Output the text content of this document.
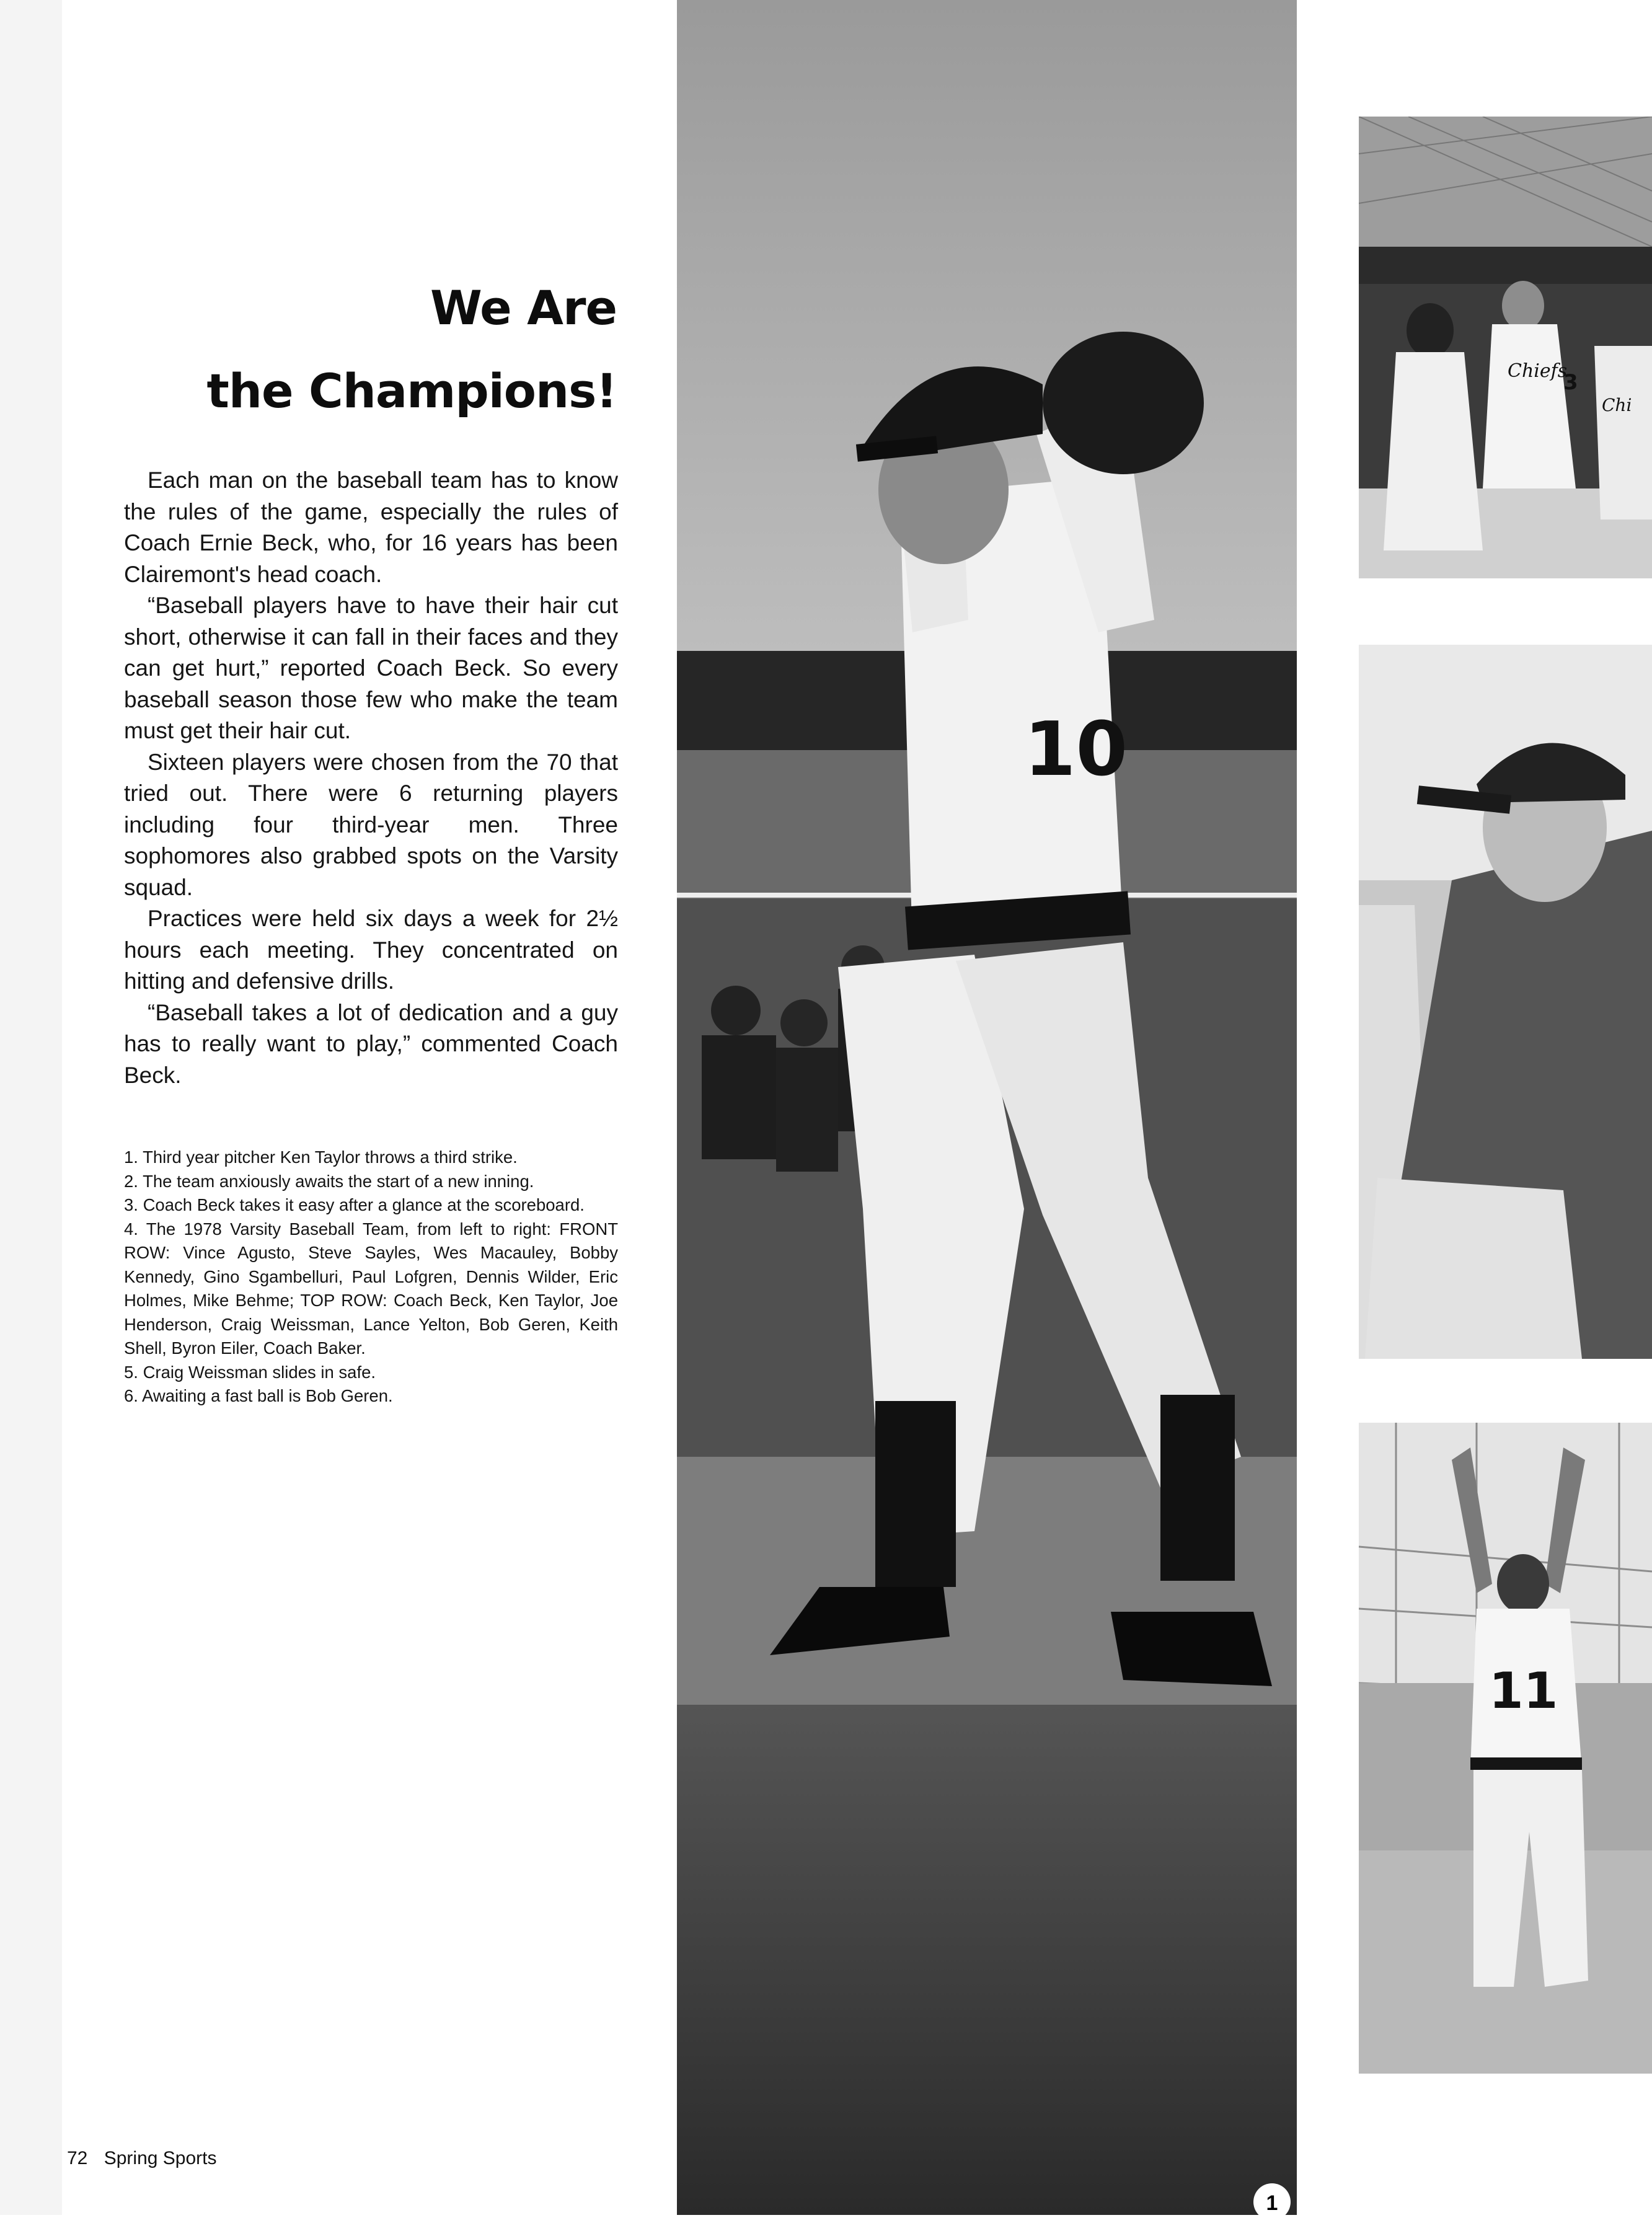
We Are
the Champions!

Each man on the baseball team has to know the rules of the game, especially the rules of Coach Ernie Beck, who, for 16 years has been Clairemont's head coach.

“Baseball players have to have their hair cut short, otherwise it can fall in their faces and they can get hurt,” reported Coach Beck. So every baseball season those few who make the team must get their hair cut.

Sixteen players were chosen from the 70 that tried out. There were 6 returning players including four third-year men. Three sophomores also grabbed spots on the Varsity squad.

Practices were held six days a week for 2½ hours each meeting. They concentrated on hitting and defensive drills.

“Baseball takes a lot of dedication and a guy has to really want to play,” commented Coach Beck.

1. Third year pitcher Ken Taylor throws a third strike.
2. The team anxiously awaits the start of a new inning.
3. Coach Beck takes it easy after a glance at the scoreboard.
4. The 1978 Varsity Baseball Team, from left to right: FRONT ROW: Vince Agusto, Steve Sayles, Wes Macauley, Bobby Kennedy, Gino Sgambelluri, Paul Lofgren, Dennis Wilder, Eric Holmes, Mike Behme; TOP ROW: Coach Beck, Ken Taylor, Joe Henderson, Craig Weissman, Lance Yelton, Bob Geren, Keith Shell, Byron Eiler, Coach Baker.
5. Craig Weissman slides in safe.
6. Awaiting a fast ball is Bob Geren.
72 Spring Sports
10
1
Chiefs
3
Chi
11
